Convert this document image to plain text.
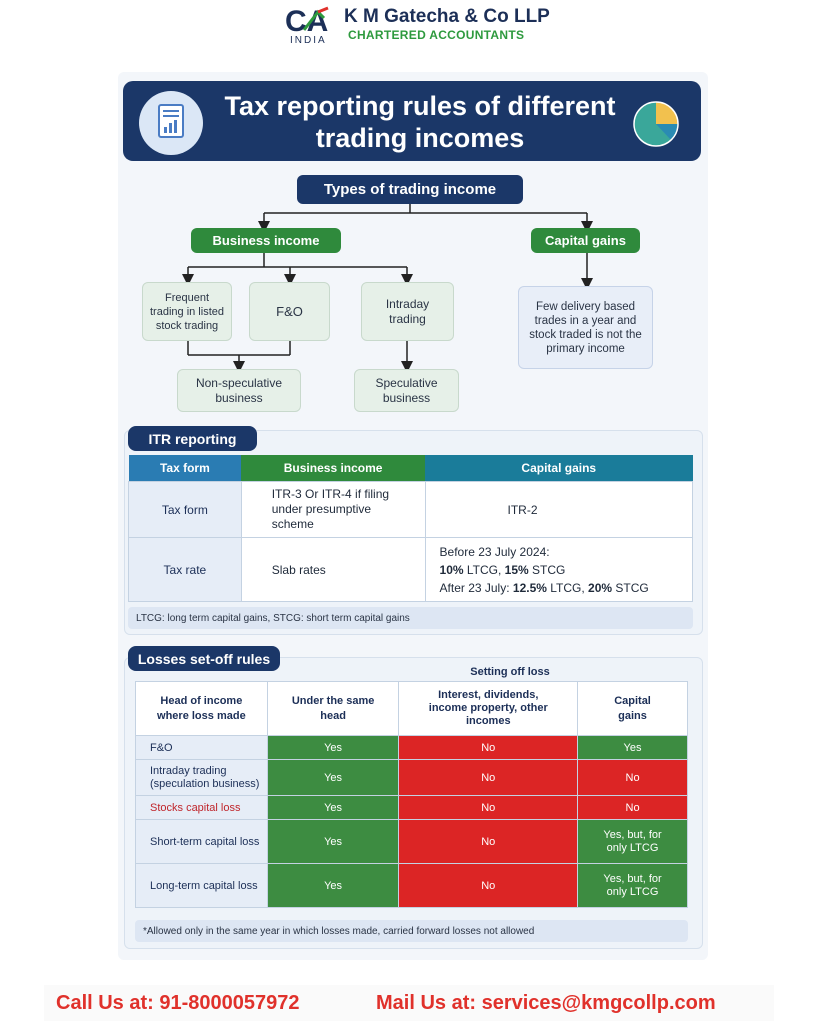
CA
INDIA
K M Gatecha & Co LLP
CHARTERED ACCOUNTANTS
Tax reporting rules of different trading incomes
Types of trading income
Business income	Capital gains
Frequent trading in listed stock trading
F&O
Intraday trading
Few delivery based trades in a year and stock traded is not the primary income
Non-speculative business
Speculative business
ITR reporting
Tax form	Business income	Capital gains
Tax form	ITR-3 Or ITR-4 if filing under presumptive scheme	ITR-2
Tax rate	Slab rates	Before 23 July 2024:
10% LTCG, 15% STCG
After 23 July: 12.5% LTCG, 20% STCG
LTCG: long term capital gains, STCG: short term capital gains
Losses set-off rules
Setting off loss
Head of income where loss made	Under the same head	Interest, dividends, income property, other incomes	Capital gains
F&O	Yes	No	Yes
Intraday trading (speculation business)	Yes	No	No
Stocks capital loss	Yes	No	No
Short-term capital loss	Yes	No	Yes, but, for only LTCG
Long-term capital loss	Yes	No	Yes, but, for only LTCG
*Allowed only in the same year in which losses made, carried forward losses not allowed
Call Us at: 91-8000057972	Mail Us at: services@kmgcollp.com
